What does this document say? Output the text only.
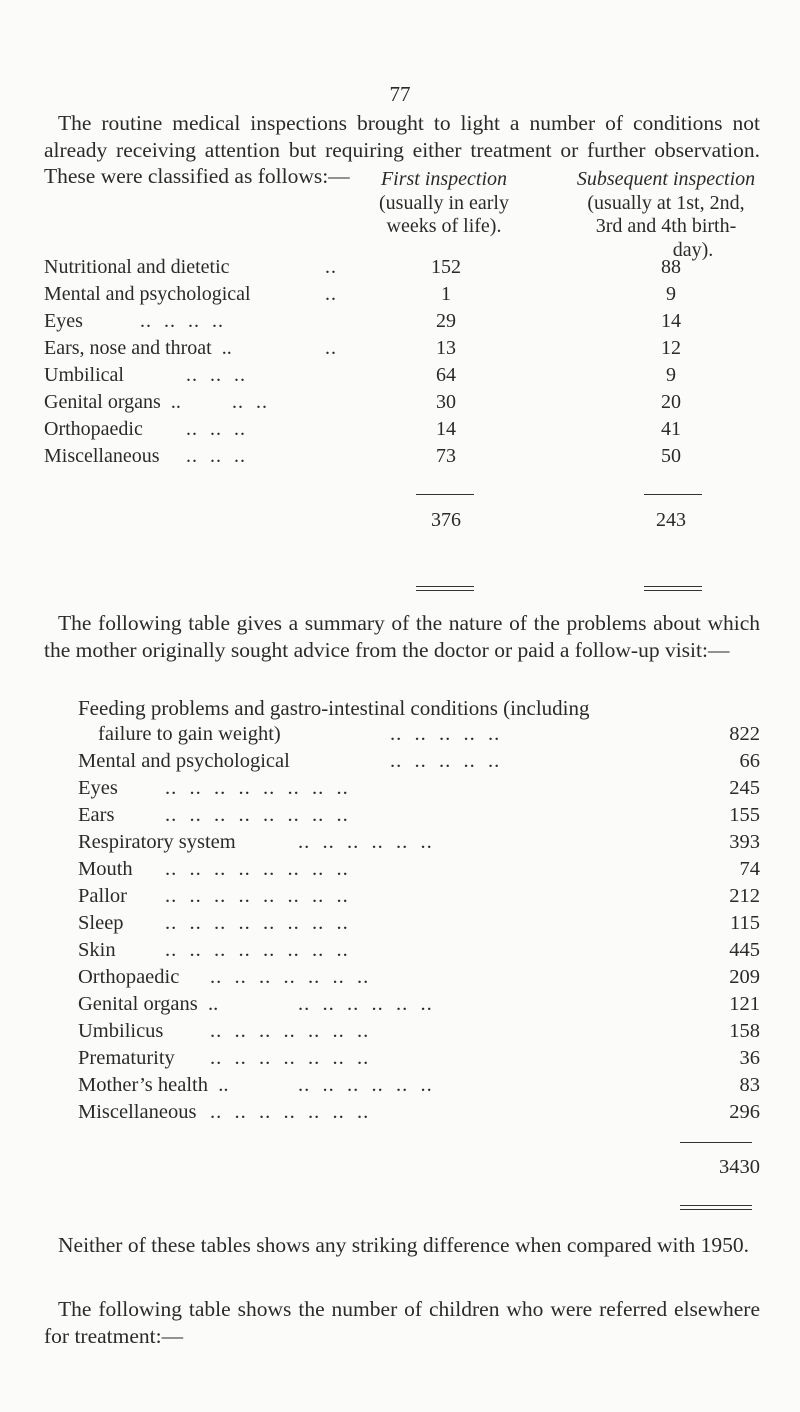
77

The routine medical inspections brought to light a number of conditions not already receiving attention but requiring either treatment or further observation. These were classified as follows:—	First inspection
(usually in early
weeks of life).
Subsequent inspection
(usually at 1st, 2nd,
3rd and 4th birth-
day).
Nutritional and dietetic	..	152	88
Mental and psychological	..	1	9
Eyes	..  ..  ..  ..	29	14
Ears, nose and throat  ..	..	13	12
Umbilical	..  ..  ..	64	9
Genital organs  ..	..  ..	30	20
Orthopaedic ..  ..  ..	14	41
Miscellaneous ..  ..  ..	73	50
376	243

The following table gives a summary of the nature of the problems about which the mother originally sought advice from the doctor or paid a follow-up visit:—

Feeding problems and gastro-intestinal conditions (including
failure to gain weight)	..  ..  ..  ..  ..	822
Mental and psychological	..  ..  ..  ..  ..	66
Eyes ..  ..  ..  ..  ..  ..  ..  ..	245
Ears ..  ..  ..  ..  ..  ..  ..  ..	155
Respiratory system	..  ..  ..  ..  ..  ..	393
Mouth ..  ..  ..  ..  ..  ..  ..  ..	74
Pallor ..  ..  ..  ..  ..  ..  ..  ..	212
Sleep ..  ..  ..  ..  ..  ..  ..  ..	115
Skin ..  ..  ..  ..  ..  ..  ..  ..	445
Orthopaedic ..  ..  ..  ..  ..  ..  ..	209
Genital organs  ..	..  ..  ..  ..  ..  ..	121
Umbilicus ..  ..  ..  ..  ..  ..  ..	158
Prematurity ..  ..  ..  ..  ..  ..  ..	36
Mother’s health  ..	..  ..  ..  ..  ..  ..	83
Miscellaneous ..  ..  ..  ..  ..  ..  ..	296
3430

Neither of these tables shows any striking difference when compared with 1950.

The following table shows the number of children who were referred elsewhere for treatment:—
